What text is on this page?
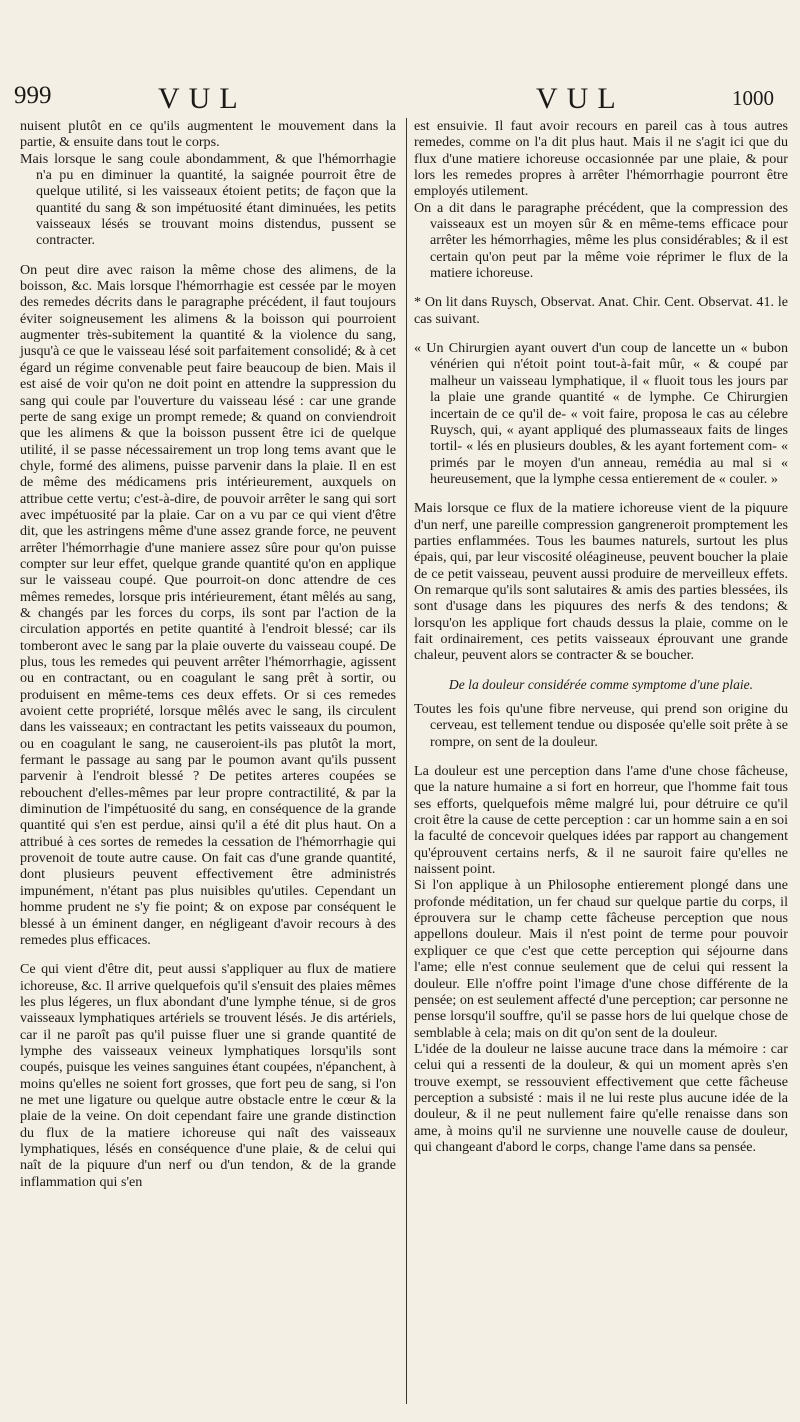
999	VUL	VUL	1000

nuisent plutôt en ce qu'ils augmentent le mouvement dans la partie, & ensuite dans tout le corps.

Mais lorsque le sang coule abondamment, & que l'hémorrhagie n'a pu en diminuer la quantité, la saignée pourroit être de quelque utilité, si les vaisseaux étoient petits; de façon que la quantité du sang & son impétuosité étant diminuées, les petits vaisseaux lésés se trouvant moins distendus, pussent se contracter.

On peut dire avec raison la même chose des alimens, de la boisson, &c. Mais lorsque l'hémorrhagie est cessée par le moyen des remedes décrits dans le paragraphe précédent, il faut toujours éviter soigneusement les alimens & la boisson qui pourroient augmenter très-subitement la quantité & la violence du sang, jusqu'à ce que le vaisseau lésé soit parfaitement consolidé; & à cet égard un régime convenable peut faire beaucoup de bien. Mais il est aisé de voir qu'on ne doit point en attendre la suppression du sang qui coule par l'ouverture du vaisseau lésé : car une grande perte de sang exige un prompt remede; & quand on conviendroit que les alimens & que la boisson pussent être ici de quelque utilité, il se passe nécessairement un trop long tems avant que le chyle, formé des alimens, puisse parvenir dans la plaie. Il en est de même des médicamens pris intérieurement, auxquels on attribue cette vertu; c'est-à-dire, de pouvoir arrêter le sang qui sort avec impétuosité par la plaie. Car on a vu par ce qui vient d'être dit, que les astringens même d'une assez grande force, ne peuvent arrêter l'hémorrhagie d'une maniere assez sûre pour qu'on puisse compter sur leur effet, quelque grande quantité qu'on en applique sur le vaisseau coupé. Que pourroit-on donc attendre de ces mêmes remedes, lorsque pris intérieurement, étant mêlés au sang, & changés par les forces du corps, ils sont par l'action de la circulation apportés en petite quantité à l'endroit blessé; car ils tomberont avec le sang par la plaie ouverte du vaisseau coupé. De plus, tous les remedes qui peuvent arrêter l'hémorrhagie, agissent ou en contractant, ou en coagulant le sang prêt à sortir, ou produisent en même-tems ces deux effets. Or si ces remedes avoient cette propriété, lorsque mêlés avec le sang, ils circulent dans les vaisseaux; en contractant les petits vaisseaux du poumon, ou en coagulant le sang, ne causeroient-ils pas plutôt la mort, fermant le passage au sang par le poumon avant qu'ils pussent parvenir à l'endroit blessé ? De petites arteres coupées se rebouchent d'elles-mêmes par leur propre contractilité, & par la diminution de l'impétuosité du sang, en conséquence de la grande quantité qui s'en est perdue, ainsi qu'il a été dit plus haut. On a attribué à ces sortes de remedes la cessation de l'hémorrhagie qui provenoit de toute autre cause. On fait cas d'une grande quantité, dont plusieurs peuvent effectivement être administrés impunément, n'étant pas plus nuisibles qu'utiles. Cependant un homme prudent ne s'y fie point; & on expose par conséquent le blessé à un éminent danger, en négligeant d'avoir recours à des remedes plus efficaces.

Ce qui vient d'être dit, peut aussi s'appliquer au flux de matiere ichoreuse, &c. Il arrive quelquefois qu'il s'ensuit des plaies mêmes les plus légeres, un flux abondant d'une lymphe ténue, si de gros vaisseaux lymphatiques artériels se trouvent lésés. Je dis artériels, car il ne paroît pas qu'il puisse fluer une si grande quantité de lymphe des vaisseaux veineux lymphatiques lorsqu'ils sont coupés, puisque les veines sanguines étant coupées, n'épanchent, à moins qu'elles ne soient fort grosses, que fort peu de sang, si l'on ne met une ligature ou quelque autre obstacle entre le cœur & la plaie de la veine. On doit cependant faire une grande distinction du flux de la matiere ichoreuse qui naît des vaisseaux lymphatiques, lésés en conséquence d'une plaie, & de celui qui naît de la piquure d'un nerf ou d'un tendon, & de la grande inflammation qui s'en

est ensuivie. Il faut avoir recours en pareil cas à tous autres remedes, comme on l'a dit plus haut. Mais il ne s'agit ici que du flux d'une matiere ichoreuse occasionnée par une plaie, & pour lors les remedes propres à arrêter l'hémorrhagie pourront être employés utilement.

On a dit dans le paragraphe précédent, que la compression des vaisseaux est un moyen sûr & en même-tems efficace pour arrêter les hémorrhagies, même les plus considérables; & il est certain qu'on peut par la même voie réprimer le flux de la matiere ichoreuse.

* On lit dans Ruysch, Observat. Anat. Chir. Cent. Observat. 41. le cas suivant.

« Un Chirurgien ayant ouvert d'un coup de lancette un « bubon vénérien qui n'étoit point tout-à-fait mûr, « & coupé par malheur un vaisseau lymphatique, il « fluoit tous les jours par la plaie une grande quantité « de lymphe. Ce Chirurgien incertain de ce qu'il de- « voit faire, proposa le cas au célebre Ruysch, qui, « ayant appliqué des plumasseaux faits de linges tortil- « lés en plusieurs doubles, & les ayant fortement com- « primés par le moyen d'un anneau, remédia au mal si « heureusement, que la lymphe cessa entierement de « couler. »

Mais lorsque ce flux de la matiere ichoreuse vient de la piquure d'un nerf, une pareille compression gangreneroit promptement les parties enflammées. Tous les baumes naturels, surtout les plus épais, qui, par leur viscosité oléagineuse, peuvent boucher la plaie de ce petit vaisseau, peuvent aussi produire de merveilleux effets. On remarque qu'ils sont salutaires & amis des parties blessées, ils sont d'usage dans les piquures des nerfs & des tendons; & lorsqu'on les applique fort chauds dessus la plaie, comme on le fait ordinairement, ces petits vaisseaux éprouvant une grande chaleur, peuvent alors se contracter & se boucher.

De la douleur considérée comme symptome d'une plaie.

Toutes les fois qu'une fibre nerveuse, qui prend son origine du cerveau, est tellement tendue ou disposée qu'elle soit prête à se rompre, on sent de la douleur.

La douleur est une perception dans l'ame d'une chose fâcheuse, que la nature humaine a si fort en horreur, que l'homme fait tous ses efforts, quelquefois même malgré lui, pour détruire ce qu'il croit être la cause de cette perception : car un homme sain a en soi la faculté de concevoir quelques idées par rapport au changement qu'éprouvent certains nerfs, & il ne sauroit faire qu'elles ne naissent point.

Si l'on applique à un Philosophe entierement plongé dans une profonde méditation, un fer chaud sur quelque partie du corps, il éprouvera sur le champ cette fâcheuse perception que nous appellons douleur. Mais il n'est point de terme pour pouvoir expliquer ce que c'est que cette perception qui séjourne dans l'ame; elle n'est connue seulement que de celui qui ressent la douleur. Elle n'offre point l'image d'une chose différente de la pensée; on est seulement affecté d'une perception; car personne ne pense lorsqu'il souffre, qu'il se passe hors de lui quelque chose de semblable à cela; mais on dit qu'on sent de la douleur.

L'idée de la douleur ne laisse aucune trace dans la mémoire : car celui qui a ressenti de la douleur, & qui un moment après s'en trouve exempt, se ressouvient effectivement que cette fâcheuse perception a subsisté : mais il ne lui reste plus aucune idée de la douleur, & il ne peut nullement faire qu'elle renaisse dans son ame, à moins qu'il ne survienne une nouvelle cause de douleur, qui changeant d'abord le corps, change l'ame dans sa pensée.
